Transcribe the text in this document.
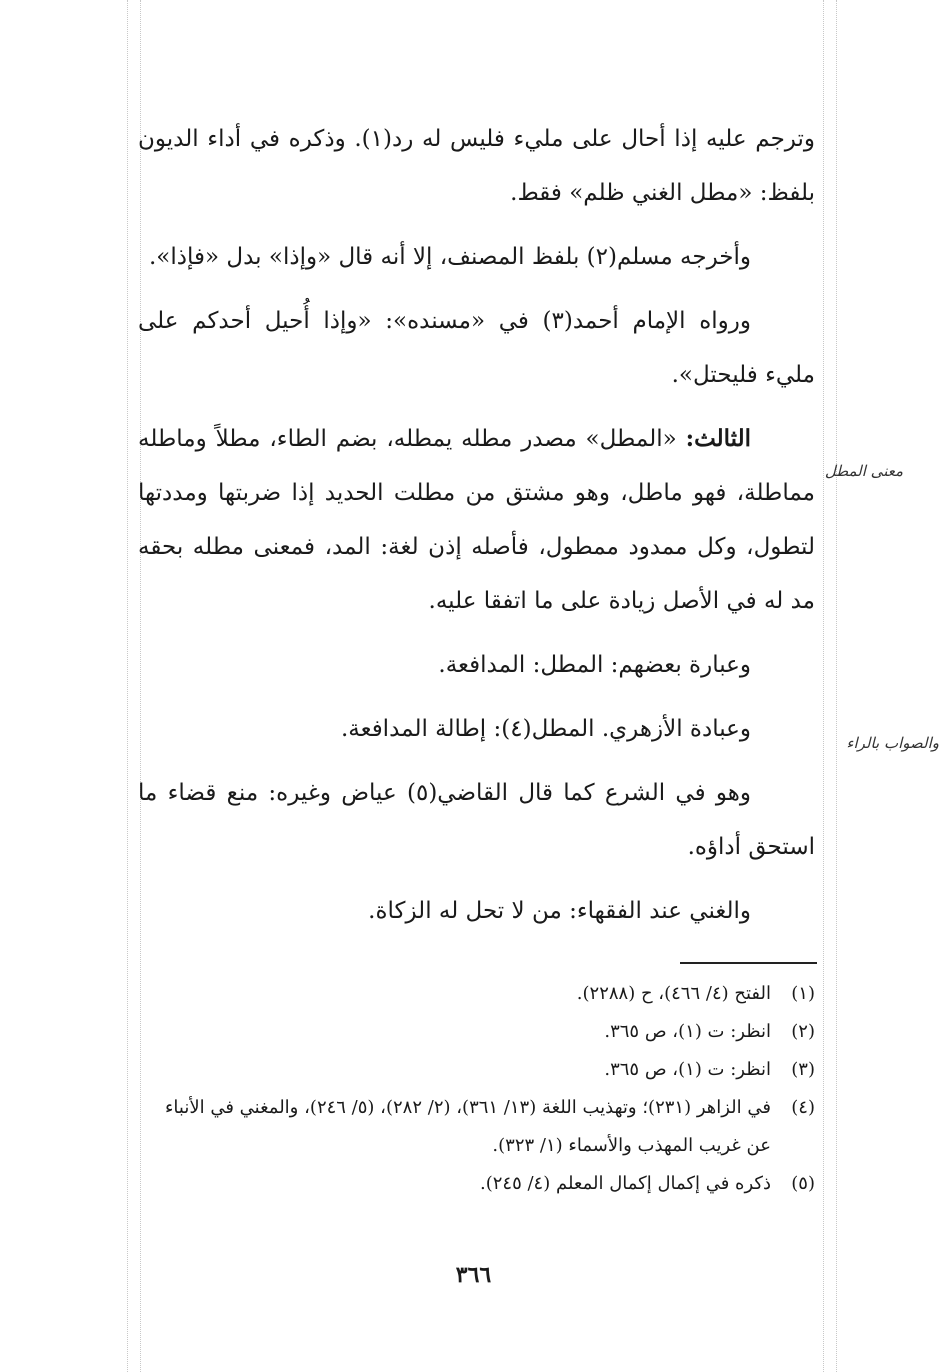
معنى المطل
والصواب بالراء

وترجم عليه إذا أحال على مليء فليس له رد(١). وذكره في أداء الديون بلفظ: «مطل الغني ظلم» فقط.

وأخرجه مسلم(٢) بلفظ المصنف، إلا أنه قال «وإذا» بدل «فإذا».

ورواه الإمام أحمد(٣) في «مسنده»: «وإذا أُحيل أحدكم على مليء فليحتل».

الثالث: «المطل» مصدر مطله يمطله، بضم الطاء، مطلاً وماطله مماطلة، فهو ماطل، وهو مشتق من مطلت الحديد إذا ضربتها ومددتها لتطول، وكل ممدود ممطول، فأصله إذن لغة: المد، فمعنى مطله بحقه مد له في الأصل زيادة على ما اتفقا عليه.

وعبارة بعضهم: المطل: المدافعة.

وعبادة الأزهري. المطل(٤): إطالة المدافعة.

وهو في الشرع كما قال القاضي(٥) عياض وغيره: منع قضاء ما استحق أداؤه.

والغني عند الفقهاء: من لا تحل له الزكاة.

(١)
الفتح (٤/ ٤٦٦)، ح (٢٢٨٨).
(٢)
انظر: ت (١)، ص ٣٦٥.
(٣)
انظر: ت (١)، ص ٣٦٥.
(٤)
في الزاهر (٢٣١)؛ وتهذيب اللغة (١٣/ ٣٦١)، (٢/ ٢٨٢)، (٥/ ٢٤٦)، والمغني في الأنباء عن غريب المهذب والأسماء (١/ ٣٢٣).
(٥)
ذكره في إكمال إكمال المعلم (٤/ ٢٤٥).
٣٦٦
